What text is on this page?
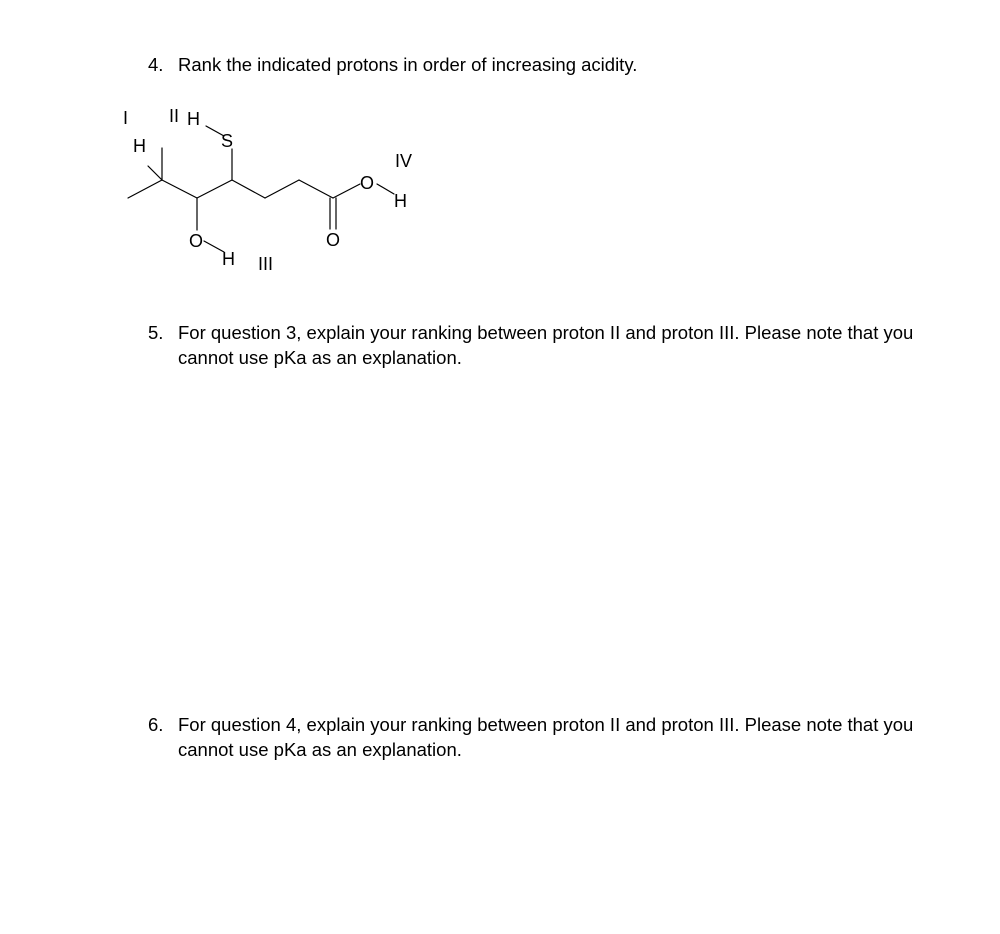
4. Rank the indicated protons in order of increasing acidity.
H
H
S
O
H
O
O
H
I II
III
IV
5. For question 3, explain your ranking between proton II and proton III. Please note that you cannot use pKa as an explanation.
6. For question 4, explain your ranking between proton II and proton III. Please note that you cannot use pKa as an explanation.
